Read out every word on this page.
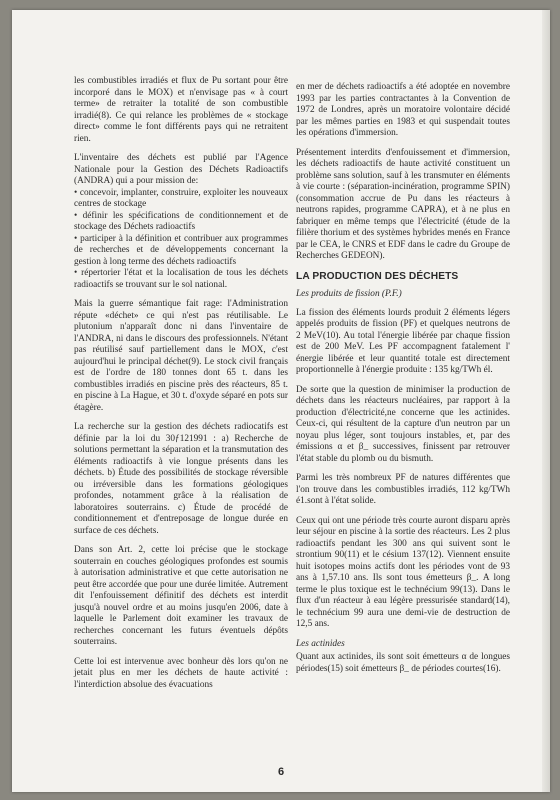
les combustibles irradiés et flux de Pu sortant pour être incorporé dans le MOX) et n'envisage pas « à court terme» de retraiter la totalité de son combustible irradié(8). Ce qui relance les problèmes de « stockage direct» comme le font différents pays qui ne retraitent rien.

L'inventaire des déchets est publié par l'Agence Nationale pour la Gestion des Déchets Radioactifs (ANDRA) qui a pour mission de:

• concevoir, implanter, construire, exploiter les nouveaux centres de stockage

• définir les spécifications de conditionnement et de stockage des Déchets radioactifs

• participer à la définition et contribuer aux programmes de recherches et de développements concernant la gestion à long terme des déchets radioactifs

• répertorier l'état et la localisation de tous les déchets radioactifs se trouvant sur le sol national.

Mais la guerre sémantique fait rage: l'Administration répute «déchet» ce qui n'est pas réutilisable. Le plutonium n'apparaît donc ni dans l'inventaire de l'ANDRA, ni dans le discours des professionnels. N'étant pas réutilisé sauf partiellement dans le MOX, c'est aujourd'hui le principal déchet(9). Le stock civil français est de l'ordre de 180 tonnes dont 65 t. dans les combustibles irradiés en piscine près des réacteurs, 85 t. en piscine à La Hague, et 30 t. d'oxyde séparé en pots sur étagère.

La recherche sur la gestion des déchets radiocatifs est définie par la loi du 30ƒ121991 : a) Recherche de solutions permettant la séparation et la transmutation des éléments radioactifs à vie longue présents dans les déchets. b) Étude des possibilités de stockage réversible ou irréversible dans les formations géologiques profondes, notamment grâce à la réalisation de laboratoires souterrains. c) Étude de procédé de conditionnement et d'entreposage de longue durée en surface de ces déchets.

Dans son Art. 2, cette loi précise que le stockage souterrain en couches géologiques profondes est soumis à autorisation administrative et que cette autorisation ne peut être accordée que pour une durée limitée. Autrement dit l'enfouissement définitif des déchets est interdit jusqu'à nouvel ordre et au moins jusqu'en 2006, date à laquelle le Parlement doit examiner les travaux de recherches concernant les futurs éventuels dépôts souterrains.

Cette loi est intervenue avec bonheur dès lors qu'on ne jetait plus en mer les déchets de haute activité : l'interdiction absolue des évacuations

en mer de déchets radioactifs a été adoptée en novembre 1993 par les parties contractantes à la Convention de 1972 de Londres, après un moratoire volontaire décidé par les mêmes parties en 1983 et qui suspendait toutes les opérations d'immersion.

Présentement interdits d'enfouissement et d'immersion, les déchets radioactifs de haute activité constituent un problème sans solution, sauf à les transmuter en éléments à vie courte : (séparation-incinération, programme SPIN) (consommation accrue de Pu dans les réacteurs à neutrons rapides, programme CAPRA), et à ne plus en fabriquer en même temps que l'électricité (étude de la filière thorium et des systèmes hybrides menés en France par le CEA, le CNRS et EDF dans le cadre du Groupe de Recherches GEDEON).

LA PRODUCTION DES DÉCHETS
Les produits de fission (P.F.)

La fission des éléments lourds produit 2 éléments légers appelés produits de fission (PF) et quelques neutrons de 2 MeV(10). Au total l'énergie libérée par chaque fission est de 200 MeV. Les PF accompagnent fatalement l' énergie libérée et leur quantité totale est directement proportionnelle à l'énergie produite : 135 kg/TWh él.

De sorte que la question de minimiser la production de déchets dans les réacteurs nucléaires, par rapport à la production d'électricité,ne concerne que les actinides. Ceux-ci, qui résultent de la capture d'un neutron par un noyau plus léger, sont toujours instables, et, par des émissions α et β_ successives, finissent par retrouver l'état stable du plomb ou du bismuth.

Parmi les très nombreux PF de natures différentes que l'on trouve dans les combustibles irradiés, 112 kg/TWh é1.sont à l'état solide.

Ceux qui ont une période très courte auront disparu après leur séjour en piscine à la sortie des réacteurs. Les 2 plus radioactifs pendant les 300 ans qui suivent sont le strontium 90(11) et le césium 137(12). Viennent ensuite huit isotopes moins actifs dont les périodes vont de 93 ans à 1,57.10 ans. Ils sont tous émetteurs β_. A long terme le plus toxique est le technécium 99(13). Dans le flux d'un réacteur à eau légère pressurisée standard(14), le technécium 99 aura une demi-vie de destruction de 12,5 ans.

Les actinides

Quant aux actinides, ils sont soit émetteurs α de longues périodes(15) soit émetteurs β_ de périodes courtes(16).

6
